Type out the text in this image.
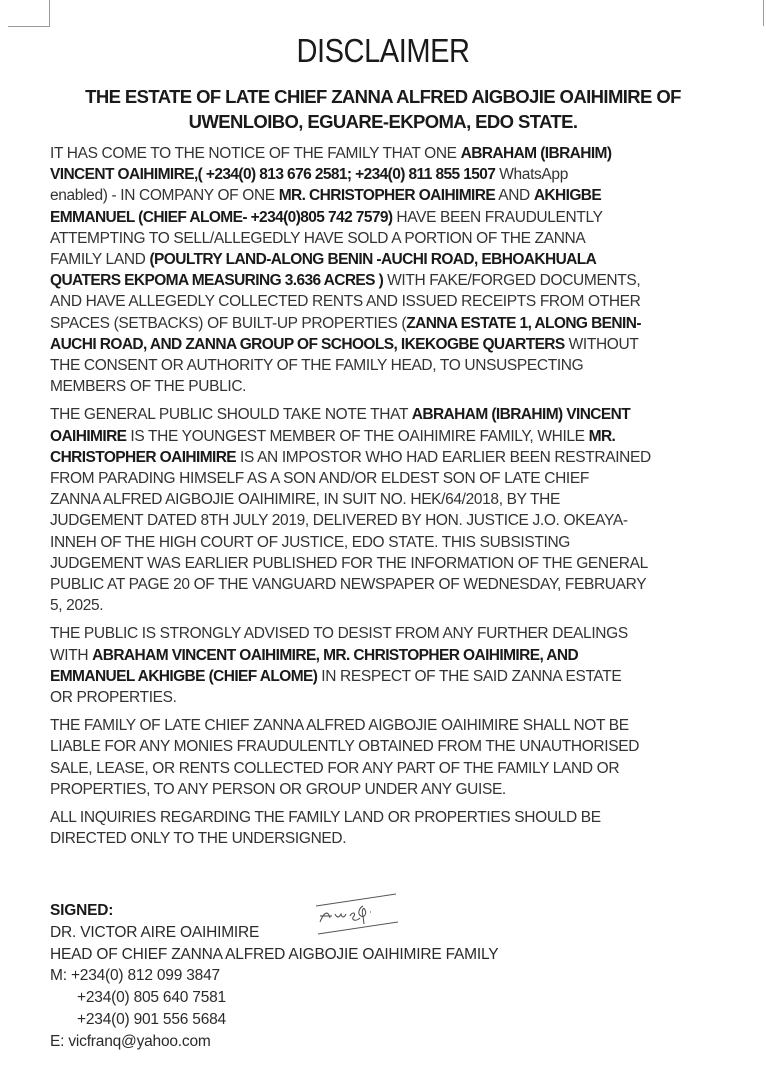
DISCLAIMER
THE ESTATE OF LATE CHIEF ZANNA ALFRED AIGBOJIE OAIHIMIRE OF
UWENLOIBO, EGUARE-EKPOMA, EDO STATE.
IT HAS COME TO THE NOTICE OF THE FAMILY THAT ONE ABRAHAM (IBRAHIM)
VINCENT OAIHIMIRE,( +234(0) 813 676 2581; +234(0) 811 855 1507 WhatsApp
enabled) - IN COMPANY OF ONE MR. CHRISTOPHER OAIHIMIRE AND AKHIGBE
EMMANUEL (CHIEF ALOME- +234(0)805 742 7579) HAVE BEEN FRAUDULENTLY
ATTEMPTING TO SELL/ALLEGEDLY HAVE SOLD A PORTION OF THE ZANNA
FAMILY LAND (POULTRY LAND-ALONG BENIN -AUCHI ROAD, EBHOAKHUALA
QUATERS EKPOMA MEASURING 3.636 ACRES ) WITH FAKE/FORGED DOCUMENTS,
AND HAVE ALLEGEDLY COLLECTED RENTS AND ISSUED RECEIPTS FROM OTHER
SPACES (SETBACKS) OF BUILT-UP PROPERTIES (ZANNA ESTATE 1, ALONG BENIN-
AUCHI ROAD, AND ZANNA GROUP OF SCHOOLS, IKEKOGBE QUARTERS WITHOUT
THE CONSENT OR AUTHORITY OF THE FAMILY HEAD, TO UNSUSPECTING
MEMBERS OF THE PUBLIC.
THE GENERAL PUBLIC SHOULD TAKE NOTE THAT ABRAHAM (IBRAHIM) VINCENT
OAIHIMIRE IS THE YOUNGEST MEMBER OF THE OAIHIMIRE FAMILY, WHILE MR.
CHRISTOPHER OAIHIMIRE IS AN IMPOSTOR WHO HAD EARLIER BEEN RESTRAINED
FROM PARADING HIMSELF AS A SON AND/OR ELDEST SON OF LATE CHIEF
ZANNA ALFRED AIGBOJIE OAIHIMIRE, IN SUIT NO. HEK/64/2018, BY THE
JUDGEMENT DATED 8TH JULY 2019, DELIVERED BY HON. JUSTICE J.O. OKEAYA-
INNEH OF THE HIGH COURT OF JUSTICE, EDO STATE. THIS SUBSISTING
JUDGEMENT WAS EARLIER PUBLISHED FOR THE INFORMATION OF THE GENERAL
PUBLIC AT PAGE 20 OF THE VANGUARD NEWSPAPER OF WEDNESDAY, FEBRUARY
5, 2025.
THE PUBLIC IS STRONGLY ADVISED TO DESIST FROM ANY FURTHER DEALINGS
WITH ABRAHAM VINCENT OAIHIMIRE, MR. CHRISTOPHER OAIHIMIRE, AND
EMMANUEL AKHIGBE (CHIEF ALOME) IN RESPECT OF THE SAID ZANNA ESTATE
OR PROPERTIES.
THE FAMILY OF LATE CHIEF ZANNA ALFRED AIGBOJIE OAIHIMIRE SHALL NOT BE
LIABLE FOR ANY MONIES FRAUDULENTLY OBTAINED FROM THE UNAUTHORISED
SALE, LEASE, OR RENTS COLLECTED FOR ANY PART OF THE FAMILY LAND OR
PROPERTIES, TO ANY PERSON OR GROUP UNDER ANY GUISE.
ALL INQUIRIES REGARDING THE FAMILY LAND OR PROPERTIES SHOULD BE
DIRECTED ONLY TO THE UNDERSIGNED.
SIGNED:
DR. VICTOR AIRE OAIHIMIRE
HEAD OF CHIEF ZANNA ALFRED AIGBOJIE OAIHIMIRE FAMILY
M: +234(0) 812 099 3847
+234(0) 805 640 7581
+234(0) 901 556 5684
E: vicfranq@yahoo.com
